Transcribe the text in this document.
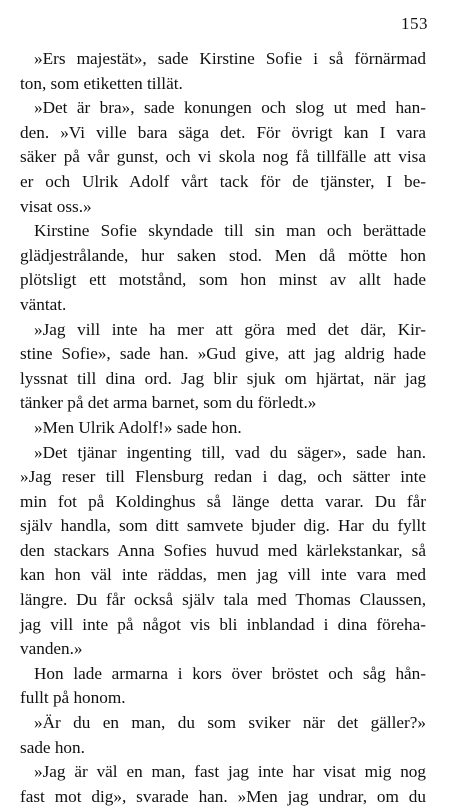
153
»Ers majestät», sade Kirstine Sofie i så förnärmad
ton, som etiketten tillät.
»Det är bra», sade konungen och slog ut med han-
den. »Vi ville bara säga det. För övrigt kan I vara
säker på vår gunst, och vi skola nog få tillfälle att visa
er och Ulrik Adolf vårt tack för de tjänster, I be-
visat oss.»
Kirstine Sofie skyndade till sin man och berättade
glädjestrålande, hur saken stod. Men då mötte hon
plötsligt ett motstånd, som hon minst av allt hade
väntat.
»Jag vill inte ha mer att göra med det där, Kir-
stine Sofie», sade han. »Gud give, att jag aldrig hade
lyssnat till dina ord. Jag blir sjuk om hjärtat, när jag
tänker på det arma barnet, som du förledt.»
»Men Ulrik Adolf!» sade hon.
»Det tjänar ingenting till, vad du säger», sade han.
»Jag reser till Flensburg redan i dag, och sätter inte
min fot på Koldinghus så länge detta varar. Du får
själv handla, som ditt samvete bjuder dig. Har du fyllt
den stackars Anna Sofies huvud med kärlekstankar, så
kan hon väl inte räddas, men jag vill inte vara med
längre. Du får också själv tala med Thomas Claussen,
jag vill inte på något vis bli inblandad i dina föreha-
vanden.»
Hon lade armarna i kors över bröstet och såg hån-
fullt på honom.
»Är du en man, du som sviker när det gäller?»
sade hon.
»Jag är väl en man, fast jag inte har visat mig nog
fast mot dig», svarade han. »Men jag undrar, om du
